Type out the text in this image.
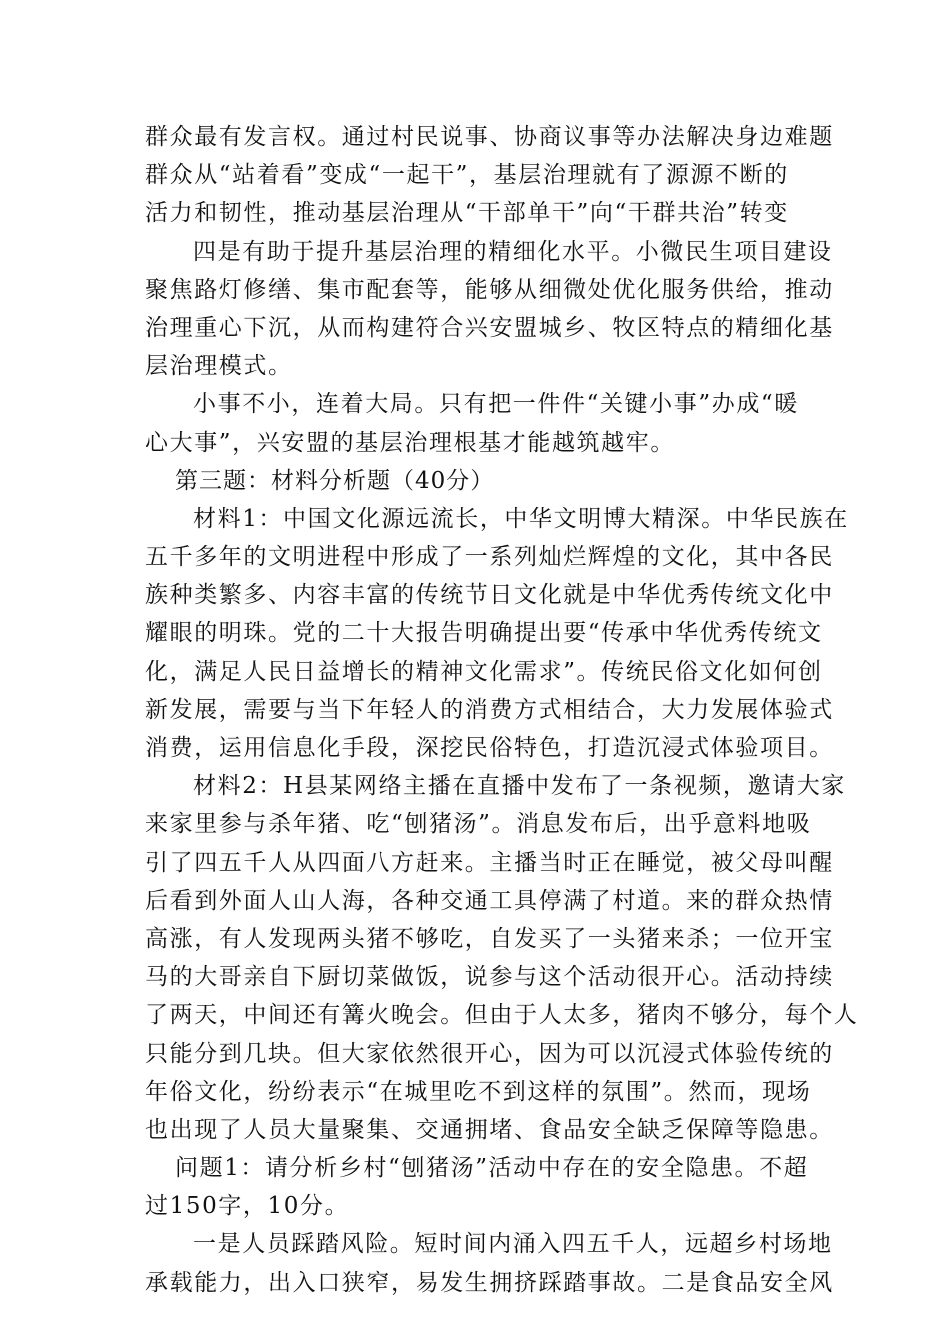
群众最有发言权。通过村民说事、协商议事等办法解决身边难题
群众从“站着看”变成“一起干”，基层治理就有了源源不断的
活力和韧性，推动基层治理从“干部单干”向“干群共治”转变
四是有助于提升基层治理的精细化水平。小微民生项目建设
聚焦路灯修缮、集市配套等，能够从细微处优化服务供给，推动
治理重心下沉，从而构建符合兴安盟城乡、牧区特点的精细化基
层治理模式。
小事不小，连着大局。只有把一件件“关键小事”办成“暖
心大事”，兴安盟的基层治理根基才能越筑越牢。
第三题：材料分析题（40分）
材料1：中国文化源远流长，中华文明博大精深。中华民族在
五千多年的文明进程中形成了一系列灿烂辉煌的文化，其中各民
族种类繁多、内容丰富的传统节日文化就是中华优秀传统文化中
耀眼的明珠。党的二十大报告明确提出要“传承中华优秀传统文
化，满足人民日益增长的精神文化需求”。传统民俗文化如何创
新发展，需要与当下年轻人的消费方式相结合，大力发展体验式
消费，运用信息化手段，深挖民俗特色，打造沉浸式体验项目。
材料2：H县某网络主播在直播中发布了一条视频，邀请大家
来家里参与杀年猪、吃“刨猪汤”。消息发布后，出乎意料地吸
引了四五千人从四面八方赶来。主播当时正在睡觉，被父母叫醒
后看到外面人山人海，各种交通工具停满了村道。来的群众热情
高涨，有人发现两头猪不够吃，自发买了一头猪来杀；一位开宝
马的大哥亲自下厨切菜做饭，说参与这个活动很开心。活动持续
了两天，中间还有篝火晚会。但由于人太多，猪肉不够分，每个人
只能分到几块。但大家依然很开心，因为可以沉浸式体验传统的
年俗文化，纷纷表示“在城里吃不到这样的氛围”。然而，现场
也出现了人员大量聚集、交通拥堵、食品安全缺乏保障等隐患。
问题1：请分析乡村“刨猪汤”活动中存在的安全隐患。不超
过150字，10分。
一是人员踩踏风险。短时间内涌入四五千人，远超乡村场地
承载能力，出入口狭窄，易发生拥挤踩踏事故。二是食品安全风
